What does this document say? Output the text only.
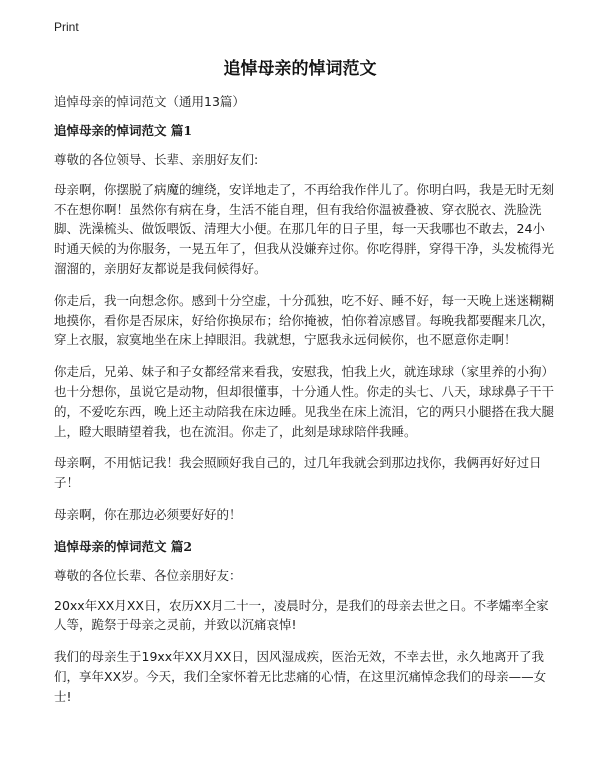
Print
追悼母亲的悼词范文

追悼母亲的悼词范文（通用13篇）

追悼母亲的悼词范文 篇1

尊敬的各位领导、长辈、亲朋好友们:

母亲啊，你摆脱了病魔的缠绕，安详地走了，不再给我作伴儿了。你明白吗，我是无时无刻不在想你啊！虽然你有病在身，生活不能自理，但有我给你温被叠被、穿衣脱衣、洗脸洗脚、洗澡梳头、做饭喂饭、清理大小便。在那几年的日子里，每一天我哪也不敢去，24小时通天候的为你服务，一晃五年了，但我从没嫌弃过你。你吃得胖，穿得干净，头发梳得光溜溜的，亲朋好友都说是我伺候得好。

你走后，我一向想念你。感到十分空虚，十分孤独，吃不好、睡不好，每一天晚上迷迷糊糊地摸你，看你是否尿床，好给你换尿布；给你掩被，怕你着凉感冒。每晚我都要醒来几次，穿上衣服，寂寞地坐在床上掉眼泪。我就想，宁愿我永远伺候你，也不愿意你走啊！

你走后，兄弟、妹子和子女都经常来看我，安慰我，怕我上火，就连球球（家里养的小狗）也十分想你，虽说它是动物，但却很懂事，十分通人性。你走的头七、八天，球球鼻子干干的，不爱吃东西，晚上还主动陪我在床边睡。见我坐在床上流泪，它的两只小腿搭在我大腿上，瞪大眼睛望着我，也在流泪。你走了，此刻是球球陪伴我睡。

母亲啊，不用惦记我！我会照顾好我自己的，过几年我就会到那边找你，我俩再好好过日子！

母亲啊，你在那边必须要好好的！

追悼母亲的悼词范文 篇2

尊敬的各位长辈、各位亲朋好友：

20xx年XX月XX日，农历XX月二十一，凌晨时分，是我们的母亲去世之日。不孝孀率全家人等，跪祭于母亲之灵前，并致以沉痛哀悼!

我们的母亲生于19xx年XX月XX日，因风湿成疾，医治无效，不幸去世，永久地离开了我们，享年XX岁。今天，我们全家怀着无比悲痛的心情，在这里沉痛悼念我们的母亲——女士!
